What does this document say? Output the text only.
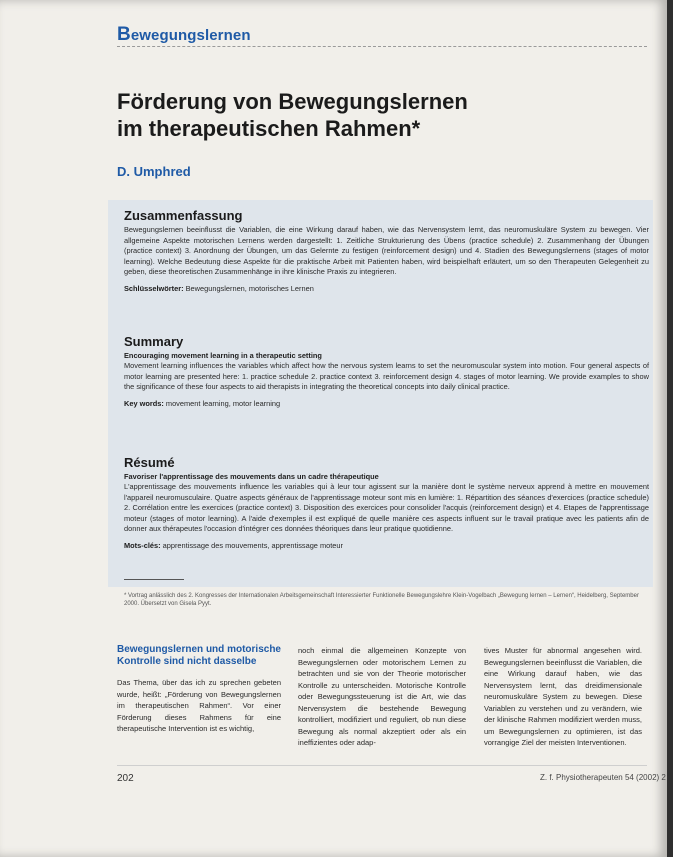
Bewegungslernen
Förderung von Bewegungslernen
im therapeutischen Rahmen*
D. Umphred
Zusammenfassung

Bewegungslernen beeinflusst die Variablen, die eine Wirkung darauf haben, wie das Nervensystem lernt, das neuromuskuläre System zu bewegen. Vier allgemeine Aspekte motorischen Lernens werden dargestellt: 1. Zeitliche Strukturierung des Übens (practice schedule) 2. Zusammenhang der Übungen (practice context) 3. Anordnung der Übungen, um das Gelernte zu festigen (reinforcement design) und 4. Stadien des Bewegungslernens (stages of motor learning). Welche Bedeutung diese Aspekte für die praktische Arbeit mit Patienten haben, wird beispielhaft erläutert, um so den Therapeuten Gelegenheit zu geben, diese theoretischen Zusammenhänge in ihre klinische Praxis zu integrieren.

Schlüsselwörter: Bewegungslernen, motorisches Lernen

Summary
Encouraging movement learning in a therapeutic setting

Movement learning influences the variables which affect how the nervous system learns to set the neuromuscular system into motion. Four general aspects of motor learning are presented here: 1. practice schedule 2. practice context 3. reinforcement design 4. stages of motor learning. We provide examples to show the significance of these four aspects to aid therapists in integrating the theoretical concepts into daily clinical practice.

Key words: movement learning, motor learning

Résumé
Favoriser l'apprentissage des mouvements dans un cadre thérapeutique

L'apprentissage des mouvements influence les variables qui à leur tour agissent sur la manière dont le système nerveux apprend à mettre en mouvement l'appareil neuromusculaire. Quatre aspects généraux de l'apprentissage moteur sont mis en lumière: 1. Répartition des séances d'exercices (practice schedule) 2. Corrélation entre les exercices (practice context) 3. Disposition des exercices pour consolider l'acquis (reinforcement design) et 4. Etapes de l'apprentissage moteur (stages of motor learning). A l'aide d'exemples il est expliqué de quelle manière ces aspects influent sur le travail pratique avec les patients afin de donner aux thérapeutes l'occasion d'intégrer ces données théoriques dans leur pratique quotidienne.

Mots-clés: apprentissage des mouvements, apprentissage moteur

* Vortrag anlässlich des 2. Kongresses der Internationalen Arbeitsgemeinschaft Interessierter Funktionelle Bewegungslehre Klein-Vogelbach „Bewegung lernen – Lernen“, Heidelberg, September 2000. Übersetzt von Gisela Pyyt.
Bewegungslernen und motorische Kontrolle sind nicht dasselbe

Das Thema, über das ich zu sprechen gebeten wurde, heißt: „Förderung von Bewegungslernen im therapeutischen Rahmen“. Vor einer Förderung dieses Rahmens für eine therapeutische Intervention ist es wichtig,

noch einmal die allgemeinen Konzepte von Bewegungslernen oder motorischem Lernen zu betrachten und sie von der Theorie motorischer Kontrolle zu unterscheiden. Motorische Kontrolle oder Bewegungssteuerung ist die Art, wie das Nervensystem die bestehende Bewegung kontrolliert, modifiziert und reguliert, ob nun diese Bewegung als normal akzeptiert oder als ein ineffizientes oder adap-

tives Muster für abnormal angesehen wird. Bewegungslernen beeinflusst die Variablen, die eine Wirkung darauf haben, wie das Nervensystem lernt, das dreidimensionale neuromuskuläre System zu bewegen. Diese Variablen zu verstehen und zu verändern, wie der klinische Rahmen modifiziert werden muss, um Bewegungslernen zu optimieren, ist das vorrangige Ziel der meisten Interventionen.

202	Z. f. Physiotherapeuten 54 (2002) 2
